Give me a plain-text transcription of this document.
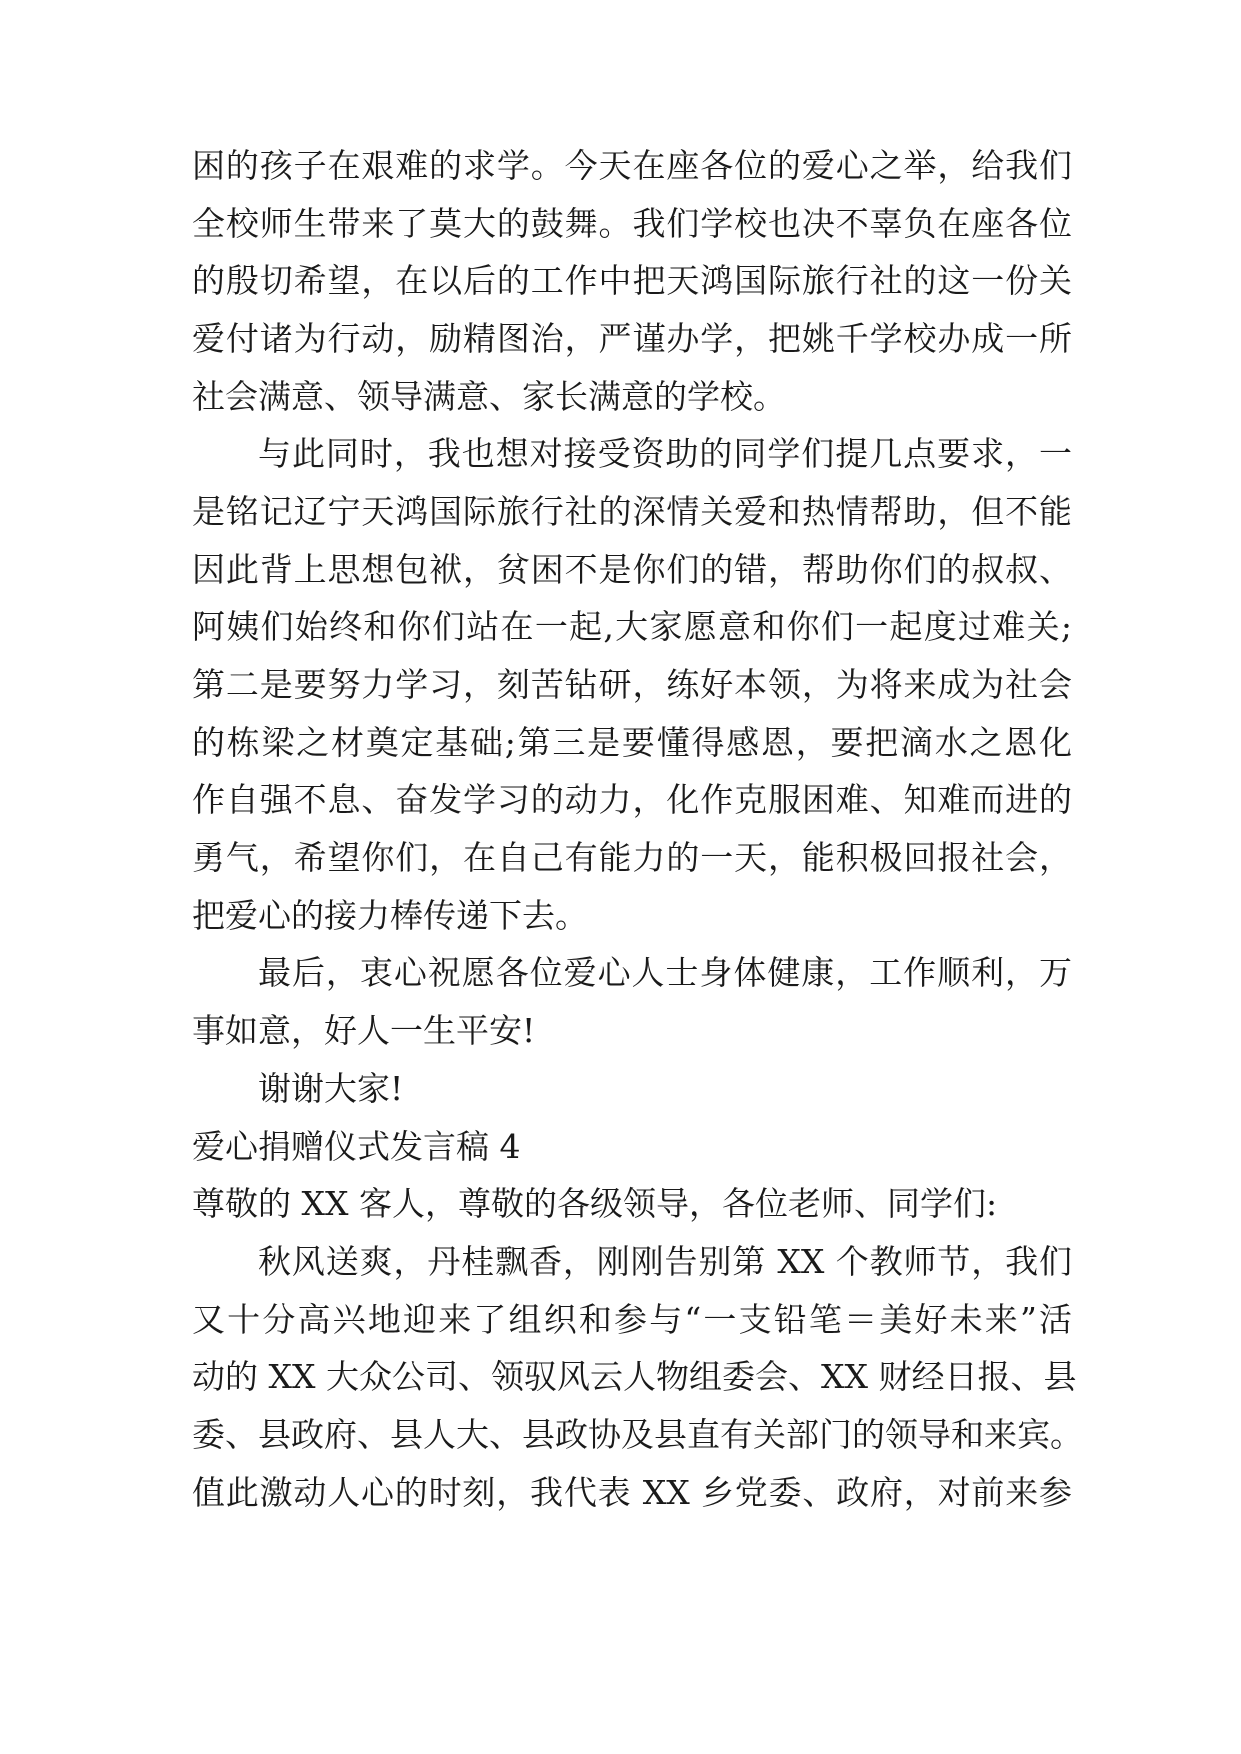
困的孩子在艰难的求学。今天在座各位的爱心之举，给我们
全校师生带来了莫大的鼓舞。我们学校也决不辜负在座各位
的殷切希望，在以后的工作中把天鸿国际旅行社的这一份关
爱付诸为行动，励精图治，严谨办学，把姚千学校办成一所
社会满意、领导满意、家长满意的学校。
与此同时，我也想对接受资助的同学们提几点要求，一
是铭记辽宁天鸿国际旅行社的深情关爱和热情帮助，但不能
因此背上思想包袱，贫困不是你们的错，帮助你们的叔叔、
阿姨们始终和你们站在一起,大家愿意和你们一起度过难关;
第二是要努力学习，刻苦钻研，练好本领，为将来成为社会
的栋梁之材奠定基础;第三是要懂得感恩，要把滴水之恩化
作自强不息、奋发学习的动力，化作克服困难、知难而进的
勇气，希望你们，在自己有能力的一天，能积极回报社会，
把爱心的接力棒传递下去。
最后，衷心祝愿各位爱心人士身体健康，工作顺利，万
事如意，好人一生平安!
谢谢大家!
爱心捐赠仪式发言稿 4
尊敬的 XX 客人，尊敬的各级领导，各位老师、同学们:
秋风送爽，丹桂飘香，刚刚告别第 XX 个教师节，我们
又十分高兴地迎来了组织和参与“一支铅笔＝美好未来”活
动的 XX 大众公司、领驭风云人物组委会、XX 财经日报、县
委、县政府、县人大、县政协及县直有关部门的领导和来宾。
值此激动人心的时刻，我代表 XX 乡党委、政府，对前来参
